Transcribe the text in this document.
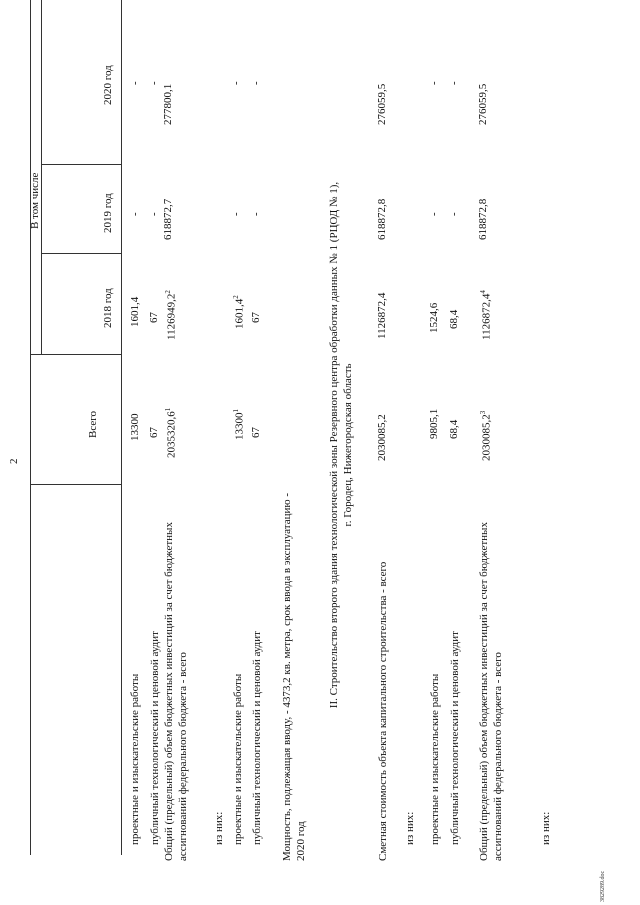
2
Всего
В том числе
2018 год
2019 год
2020 год
проектные и изыскательские работы
13300
1601,4
-
-
публичный технологический и ценовой аудит
67
67
-
-
Общий (предельный) объем бюджетных инвестиций за счет бюджетных ассигнований федерального бюджета - всего
2035320,6$^1$
1126949,2$^2$
618872,7
277800,1
из них: проектные и изыскательские работы
13300$^1$
1601,4$^2$
-
-
публичный технологический и ценовой аудит
67
67
-
-
Мощность, подлежащая вводу, - 4373,2 кв. метра, срок ввода в эксплуатацию - 2020 год
II. Строительство второго здания технологической зоны Резервного центра обработки данных № 1 (РЦОД № 1), г. Городец, Нижегородская область
Сметная стоимость объекта капитального строительства - всего
2030085,2
1126872,4
618872,8
276059,5
из них: проектные и изыскательские работы
9805,1
1524,6
-
-
публичный технологический и ценовой аудит
68,4
68,4
-
-
Общий (предельный) объем бюджетных инвестиций за счет бюджетных ассигнований федерального бюджета - всего
2030085,2$^3$
1126872,4$^4$
618872,8
276059,5
из них:
3829289.doc
